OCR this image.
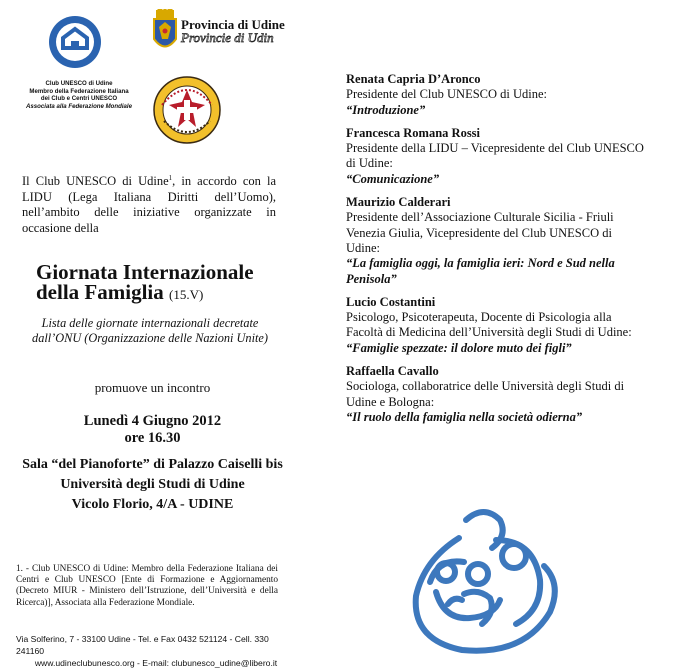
Club UNESCO di Udine
Membro della Federazione Italiana
dei Club e Centri UNESCO
Associata alla Federazione Mondiale
Provincia di Udine
Provincie di Udin
Il Club UNESCO di Udine$^1$, in accordo con la LIDU (Lega Italiana Diritti dell’Uomo), nell’ambito delle iniziative organizzate in occasione della
Giornata Internazionale
della Famiglia (15.V)
Lista delle giornate internazionali decretate dall’ONU (Organizzazione delle Nazioni Unite)
promuove un incontro
Lunedì 4 Giugno 2012
ore 16.30
Sala “del Pianoforte” di Palazzo Caiselli bis
Università degli Studi di Udine
Vicolo Florio, 4/A - UDINE
1. - Club UNESCO di Udine: Membro della Federazione Italiana dei Centri e Club UNESCO [Ente di Formazione e Aggiornamento (Decreto MIUR - Ministero dell’Istruzione, dell’Università e della Ricerca)], Associata alla Federazione Mondiale.
Via Solferino, 7 - 33100 Udine - Tel. e Fax 0432 521124 - Cell. 330 241160
www.udineclubunesco.org - E-mail: clubunesco_udine@libero.it
Renata Capria D’Aronco
Presidente del Club UNESCO di Udine:
“Introduzione”
Francesca Romana Rossi
Presidente della LIDU – Vicepresidente del Club UNESCO di Udine:
“Comunicazione”
Maurizio Calderari
Presidente dell’Associazione Culturale Sicilia - Friuli Venezia Giulia, Vicepresidente del Club UNESCO di Udine:
“La famiglia oggi, la famiglia ieri: Nord e Sud nella Penisola”
Lucio Costantini
Psicologo, Psicoterapeuta, Docente di Psicologia alla Facoltà di Medicina dell’Università degli Studi di Udine:
“Famiglie spezzate: il dolore muto dei figli”
Raffaella Cavallo
Sociologa, collaboratrice delle Università degli Studi di Udine e Bologna:
“Il ruolo della famiglia nella società odierna”
